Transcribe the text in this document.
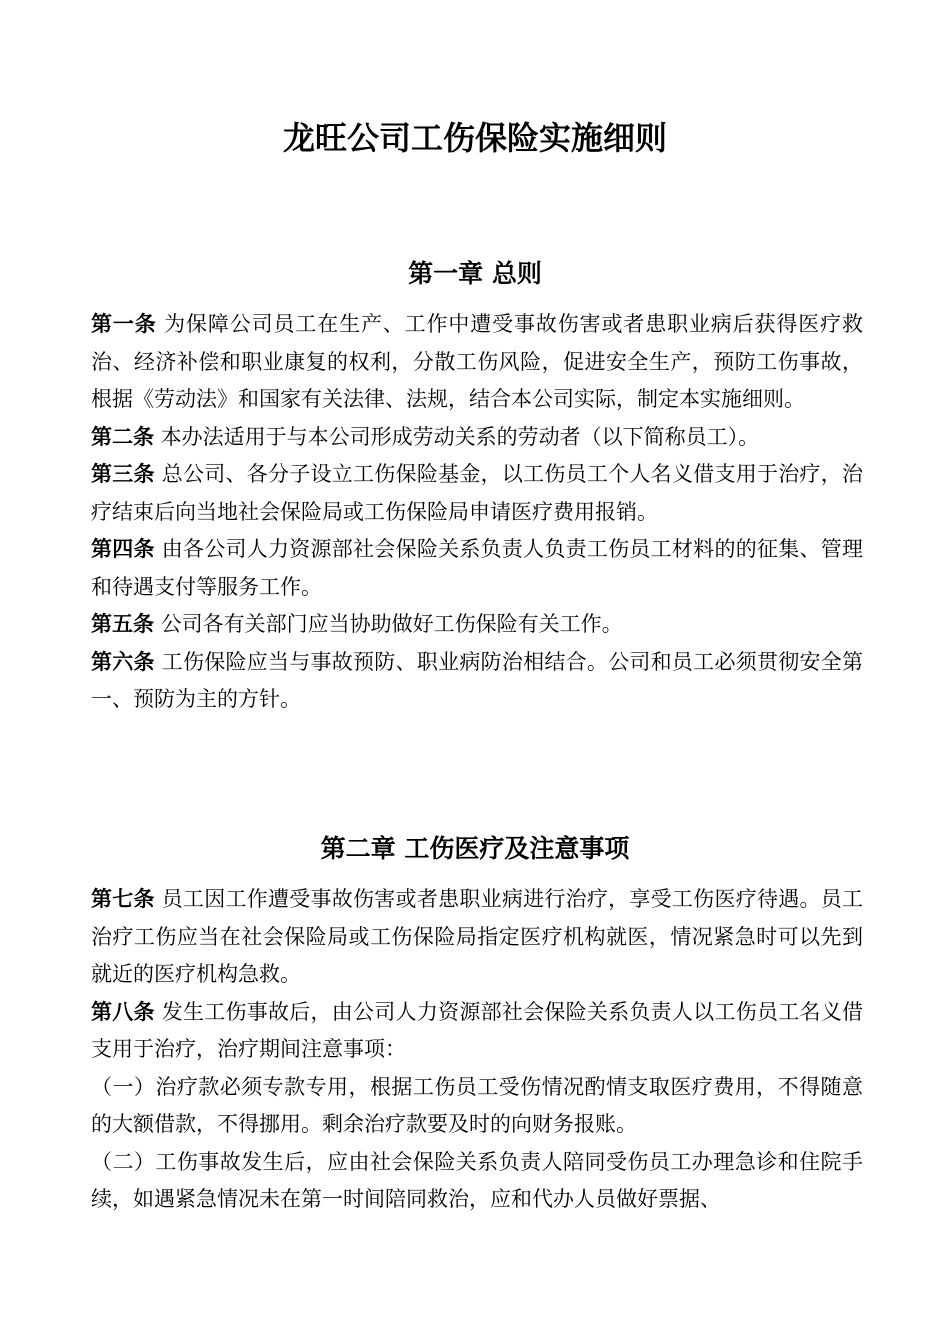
龙旺公司工伤保险实施细则
第一章 总则

第一条 为保障公司员工在生产、工作中遭受事故伤害或者患职业病后获得医疗救治、经济补偿和职业康复的权利，分散工伤风险，促进安全生产，预防工伤事故，根据《劳动法》和国家有关法律、法规，结合本公司实际，制定本实施细则。

第二条 本办法适用于与本公司形成劳动关系的劳动者（以下简称员工）。

第三条 总公司、各分子设立工伤保险基金，以工伤员工个人名义借支用于治疗，治疗结束后向当地社会保险局或工伤保险局申请医疗费用报销。

第四条 由各公司人力资源部社会保险关系负责人负责工伤员工材料的的征集、管理和待遇支付等服务工作。

第五条 公司各有关部门应当协助做好工伤保险有关工作。

第六条 工伤保险应当与事故预防、职业病防治相结合。公司和员工必须贯彻安全第一、预防为主的方针。

第二章 工伤医疗及注意事项

第七条 员工因工作遭受事故伤害或者患职业病进行治疗，享受工伤医疗待遇。员工治疗工伤应当在社会保险局或工伤保险局指定医疗机构就医，情况紧急时可以先到就近的医疗机构急救。

第八条 发生工伤事故后，由公司人力资源部社会保险关系负责人以工伤员工名义借支用于治疗，治疗期间注意事项：

（一）治疗款必须专款专用，根据工伤员工受伤情况酌情支取医疗费用，不得随意的大额借款，不得挪用。剩余治疗款要及时的向财务报账。

（二）工伤事故发生后，应由社会保险关系负责人陪同受伤员工办理急诊和住院手续，如遇紧急情况未在第一时间陪同救治，应和代办人员做好票据、
